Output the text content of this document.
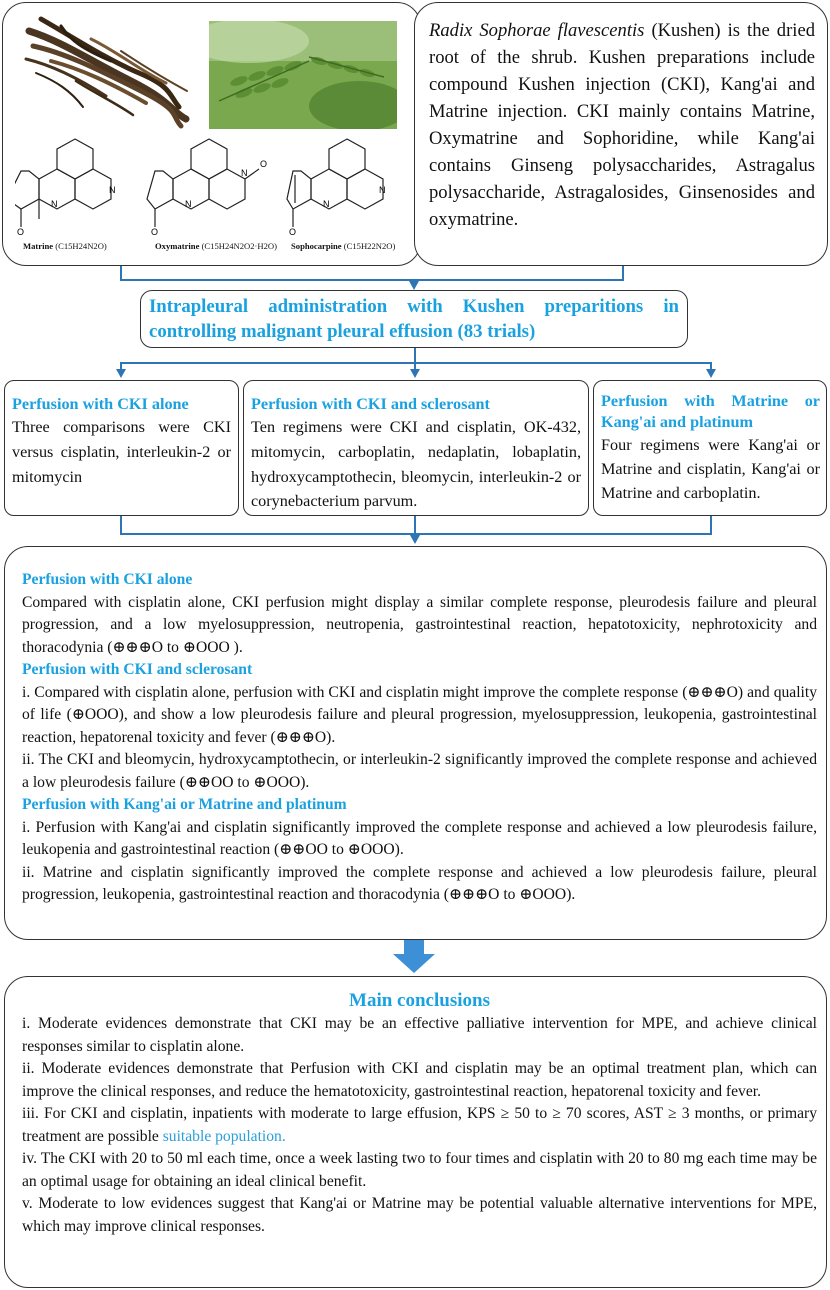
N
N
O
N
N
O
O
N
N
O
Matrine (C15H24N2O)	Oxymatrine (C15H24N2O2·H2O) Sophocarpine (C15H22N2O)

Radix Sophorae flavescentis (Kushen) is the dried root of the shrub. Kushen preparations include compound Kushen injection (CKI), Kang'ai and Matrine injection. CKI mainly contains Matrine, Oxymatrine and Sophoridine, while Kang'ai contains Ginseng polysaccharides, Astragalus polysaccharide, Astragalosides, Ginsenosides and oxymatrine.

Intrapleural administration with Kushen preparitions in

controlling malignant pleural effusion (83 trials)

Perfusion with CKI alone

Three comparisons were CKI versus cisplatin, interleukin-2 or mitomycin

Perfusion with CKI and sclerosant

Ten regimens were CKI and cisplatin, OK-432, mitomycin, carboplatin, nedaplatin, lobaplatin, hydroxycamptothecin, bleomycin, interleukin-2 or corynebacterium parvum.

Perfusion with Matrine or Kang'ai and platinum

Four regimens were Kang'ai or Matrine and cisplatin, Kang'ai or Matrine and carboplatin.

Perfusion with CKI alone

Compared with cisplatin alone, CKI perfusion might display a similar complete response, pleurodesis failure and pleural progression, and a low myelosuppression, neutropenia, gastrointestinal reaction, hepatotoxicity, nephrotoxicity and thoracodynia (⊕⊕⊕O to ⊕OOO ).

Perfusion with CKI and sclerosant

i. Compared with cisplatin alone, perfusion with CKI and cisplatin might improve the complete response (⊕⊕⊕O) and quality of life (⊕OOO), and show a low pleurodesis failure and pleural progression, myelosuppression, leukopenia, gastrointestinal reaction, hepatorenal toxicity and fever (⊕⊕⊕O).

ii. The CKI and bleomycin, hydroxycamptothecin, or interleukin-2 significantly improved the complete response and achieved a low pleurodesis failure (⊕⊕OO to ⊕OOO).

Perfusion with Kang'ai or Matrine and platinum

i. Perfusion with Kang'ai and cisplatin significantly improved the complete response and achieved a low pleurodesis failure, leukopenia and gastrointestinal reaction (⊕⊕OO to ⊕OOO).

ii. Matrine and cisplatin significantly improved the complete response and achieved a low pleurodesis failure, pleural progression, leukopenia, gastrointestinal reaction and thoracodynia (⊕⊕⊕O to ⊕OOO).

Main conclusions

i. Moderate evidences demonstrate that CKI may be an effective palliative intervention for MPE, and achieve clinical responses similar to cisplatin alone.

ii. Moderate evidences demonstrate that Perfusion with CKI and cisplatin may be an optimal treatment plan, which can improve the clinical responses, and reduce the hematotoxicity, gastrointestinal reaction, hepatorenal toxicity and fever.

iii. For CKI and cisplatin, inpatients with moderate to large effusion, KPS ≥ 50 to ≥ 70 scores, AST ≥ 3 months, or primary treatment are possible suitable population.

iv. The CKI with 20 to 50 ml each time, once a week lasting two to four times and cisplatin with 20 to 80 mg each time may be an optimal usage for obtaining an ideal clinical benefit.

v. Moderate to low evidences suggest that Kang'ai or Matrine may be potential valuable alternative interventions for MPE, which may improve clinical responses.
